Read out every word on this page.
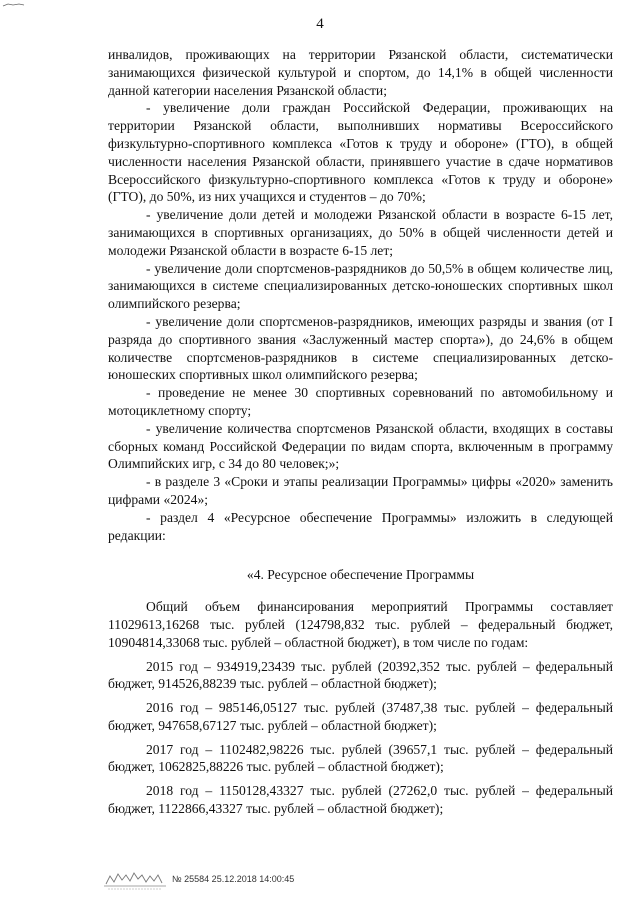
4

инвалидов, проживающих на территории Рязанской области, систематически занимающихся физической культурой и спортом, до 14,1% в общей численности данной категории населения Рязанской области;

- увеличение доли граждан Российской Федерации, проживающих на территории Рязанской области, выполнивших нормативы Всероссийского физкультурно-спортивного комплекса «Готов к труду и обороне» (ГТО), в общей численности населения Рязанской области, принявшего участие в сдаче нормативов Всероссийского физкультурно-спортивного комплекса «Готов к труду и обороне» (ГТО), до 50%, из них учащихся и студентов – до 70%;

- увеличение доли детей и молодежи Рязанской области в возрасте 6-15 лет, занимающихся в спортивных организациях, до 50% в общей численности детей и молодежи Рязанской области в возрасте 6-15 лет;

- увеличение доли спортсменов-разрядников до 50,5% в общем количестве лиц, занимающихся в системе специализированных детско-юношеских спортивных школ олимпийского резерва;

- увеличение доли спортсменов-разрядников, имеющих разряды и звания (от I разряда до спортивного звания «Заслуженный мастер спорта»), до 24,6% в общем количестве спортсменов-разрядников в системе специализированных детско-юношеских спортивных школ олимпийского резерва;

- проведение не менее 30 спортивных соревнований по автомобильному и мотоциклетному спорту;

- увеличение количества спортсменов Рязанской области, входящих в составы сборных команд Российской Федерации по видам спорта, включенным в программу Олимпийских игр, с 34 до 80 человек;»;

- в разделе 3 «Сроки и этапы реализации Программы» цифры «2020» заменить цифрами «2024»;

- раздел 4 «Ресурсное обеспечение Программы» изложить в следующей редакции:

«4. Ресурсное обеспечение Программы

Общий объем финансирования мероприятий Программы составляет 11029613,16268 тыс. рублей (124798,832 тыс. рублей – федеральный бюджет, 10904814,33068 тыс. рублей – областной бюджет), в том числе по годам:

2015 год – 934919,23439 тыс. рублей (20392,352 тыс. рублей – федеральный бюджет, 914526,88239 тыс. рублей – областной бюджет);

2016 год – 985146,05127 тыс. рублей (37487,38 тыс. рублей – федеральный бюджет, 947658,67127 тыс. рублей – областной бюджет);

2017 год – 1102482,98226 тыс. рублей (39657,1 тыс. рублей – федеральный бюджет, 1062825,88226 тыс. рублей – областной бюджет);

2018 год – 1150128,43327 тыс. рублей (27262,0 тыс. рублей – федеральный бюджет, 1122866,43327 тыс. рублей – областной бюджет);

№ 25584 25.12.2018 14:00:45
